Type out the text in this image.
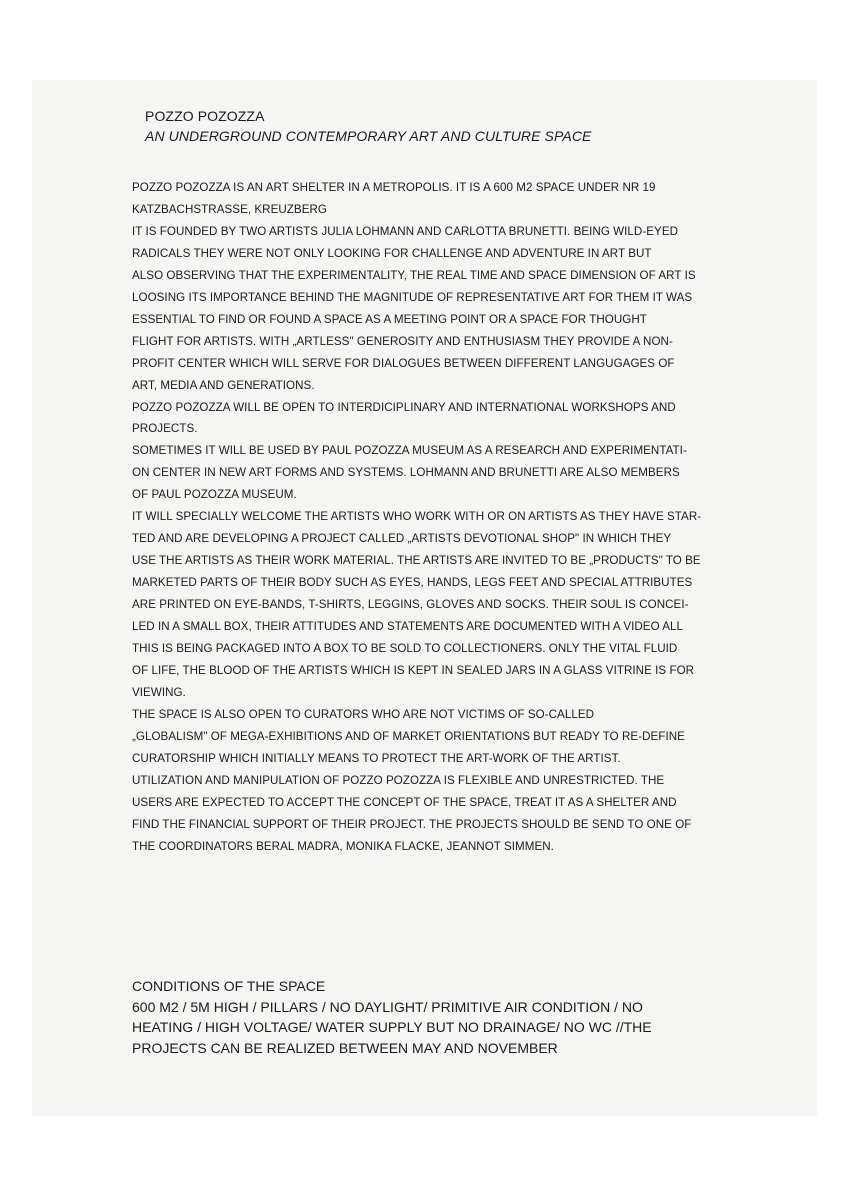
POZZO POZOZZA
AN UNDERGROUND CONTEMPORARY ART AND CULTURE SPACE
POZZO POZOZZA IS AN ART SHELTER IN A METROPOLIS. IT IS A 600 M2 SPACE UNDER NR 19
KATZBACHSTRASSE, KREUZBERG
IT IS FOUNDED BY TWO ARTISTS JULIA LOHMANN AND CARLOTTA BRUNETTI. BEING WILD-EYED
RADICALS THEY WERE NOT ONLY LOOKING FOR CHALLENGE AND ADVENTURE IN ART BUT
ALSO OBSERVING THAT THE EXPERIMENTALITY, THE REAL TIME AND SPACE DIMENSION OF ART IS
LOOSING ITS IMPORTANCE BEHIND THE MAGNITUDE OF REPRESENTATIVE ART FOR THEM IT WAS
ESSENTIAL TO FIND OR FOUND A SPACE AS A MEETING POINT OR A SPACE FOR THOUGHT
FLIGHT FOR ARTISTS. WITH „ARTLESS" GENEROSITY AND ENTHUSIASM THEY PROVIDE A NON-
PROFIT CENTER WHICH WILL SERVE FOR DIALOGUES BETWEEN DIFFERENT LANGUGAGES OF
ART, MEDIA AND GENERATIONS.
POZZO POZOZZA WILL BE OPEN TO INTERDICIPLINARY AND INTERNATIONAL WORKSHOPS AND
PROJECTS.
SOMETIMES IT WILL BE USED BY PAUL POZOZZA MUSEUM AS A RESEARCH AND EXPERIMENTATI-
ON CENTER IN NEW ART FORMS AND SYSTEMS. LOHMANN AND BRUNETTI ARE ALSO MEMBERS
OF PAUL POZOZZA MUSEUM.
IT WILL SPECIALLY WELCOME THE ARTISTS WHO WORK WITH OR ON ARTISTS AS THEY HAVE STAR-
TED AND ARE DEVELOPING A PROJECT CALLED „ARTISTS DEVOTIONAL SHOP" IN WHICH THEY
USE THE ARTISTS AS THEIR WORK MATERIAL. THE ARTISTS ARE INVITED TO BE „PRODUCTS" TO BE
MARKETED PARTS OF THEIR BODY SUCH AS EYES, HANDS, LEGS FEET AND SPECIAL ATTRIBUTES
ARE PRINTED ON EYE-BANDS, T-SHIRTS, LEGGINS, GLOVES AND SOCKS. THEIR SOUL IS CONCEI-
LED IN A SMALL BOX, THEIR ATTITUDES AND STATEMENTS ARE DOCUMENTED WITH A VIDEO ALL
THIS IS BEING PACKAGED INTO A BOX TO BE SOLD TO COLLECTIONERS. ONLY THE VITAL FLUID
OF LIFE, THE BLOOD OF THE ARTISTS WHICH IS KEPT IN SEALED JARS IN A GLASS VITRINE IS FOR
VIEWING.
THE SPACE IS ALSO OPEN TO CURATORS WHO ARE NOT VICTIMS OF SO-CALLED
„GLOBALISM" OF MEGA-EXHIBITIONS AND OF MARKET ORIENTATIONS BUT READY TO RE-DEFINE
CURATORSHIP WHICH INITIALLY MEANS TO PROTECT THE ART-WORK OF THE ARTIST.
UTILIZATION AND MANIPULATION OF POZZO POZOZZA IS FLEXIBLE AND UNRESTRICTED. THE
USERS ARE EXPECTED TO ACCEPT THE CONCEPT OF THE SPACE, TREAT IT AS A SHELTER AND
FIND THE FINANCIAL SUPPORT OF THEIR PROJECT. THE PROJECTS SHOULD BE SEND TO ONE OF
THE COORDINATORS BERAL MADRA, MONIKA FLACKE, JEANNOT SIMMEN.
CONDITIONS OF THE SPACE
600 M2 / 5M HIGH / PILLARS / NO DAYLIGHT/ PRIMITIVE AIR CONDITION / NO
HEATING / HIGH VOLTAGE/ WATER SUPPLY BUT NO DRAINAGE/ NO WC //THE
PROJECTS CAN BE REALIZED BETWEEN MAY AND NOVEMBER
